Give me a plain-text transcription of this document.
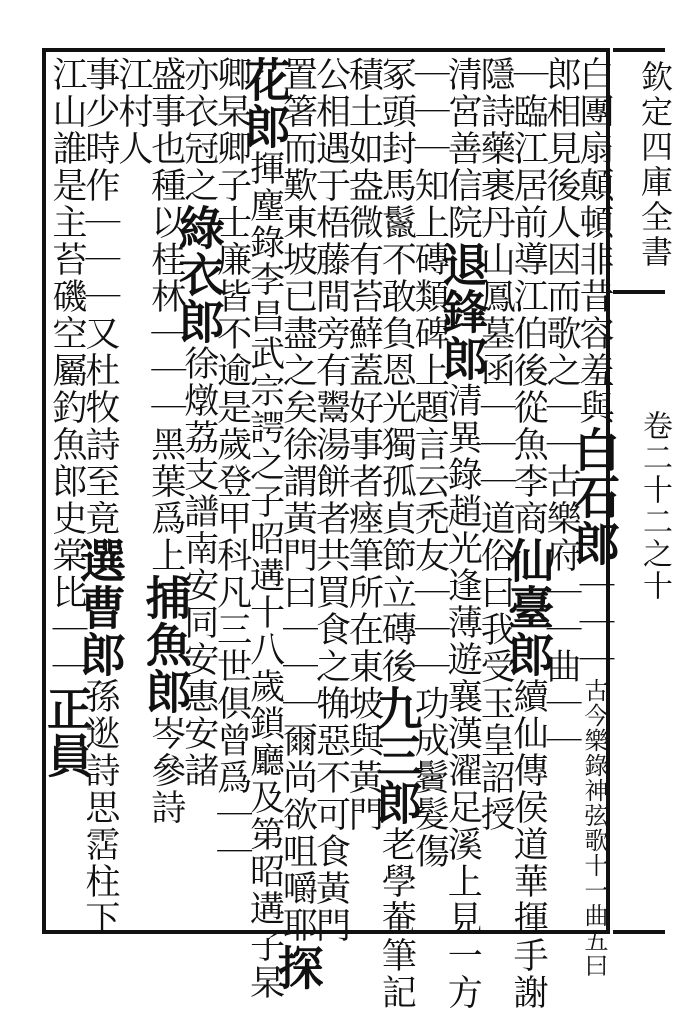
欽定四庫全書
卷二十二之十
白團扇顛頓非昔容羞與白石郎｜｜｜古今樂錄神弦歌十一曲五曰
郎相見後人因而歌之｜｜古樂府｜｜曲｜｜
｜臨江居前導江伯後從魚李商仙臺郎續仙傳侯道華揮手謝
隱詩藥裹丹山鳳墓函｜｜｜道俗曰我受玉皇詔授
清宮善信院退鋒郎清異錄趙光逢薄遊襄漢濯足溪上見一方
｜｜｜知上磚類碑上題言云禿友｜｜｜功成鬢髮傷
冢頭封馬鬣不敢負恩光獨孤貞節立磚後九三郎老學菴筆記
積土如盎微有苔蘚蓋好事者瘞筆所在東坡與黃門
公相遇于梧藤間旁有鬻湯餅者共買食之觕惡不可食黃門
置箸而歎東坡已盡之矣徐謂黃門曰｜｜｜爾尚欲咀嚼耶探
花郎揮麈錄李昌武宗諤之子昭遘十八歲鎖廳及第昭遘子杲
卿杲卿子士廉皆不逾是歲登甲科凡三世俱曾爲｜｜
亦衣冠之綠衣郎徐燉荔支譜南安同安惠安諸
盛事也種以桂林｜｜｜黑葉爲上捕魚郎岑參詩
江村人
事少時作｜｜｜又杜牧詩至竟選曹郎孫逖詩思霑柱下
江山誰是主苔磯空屬釣魚郎史棠比｜｜正員
